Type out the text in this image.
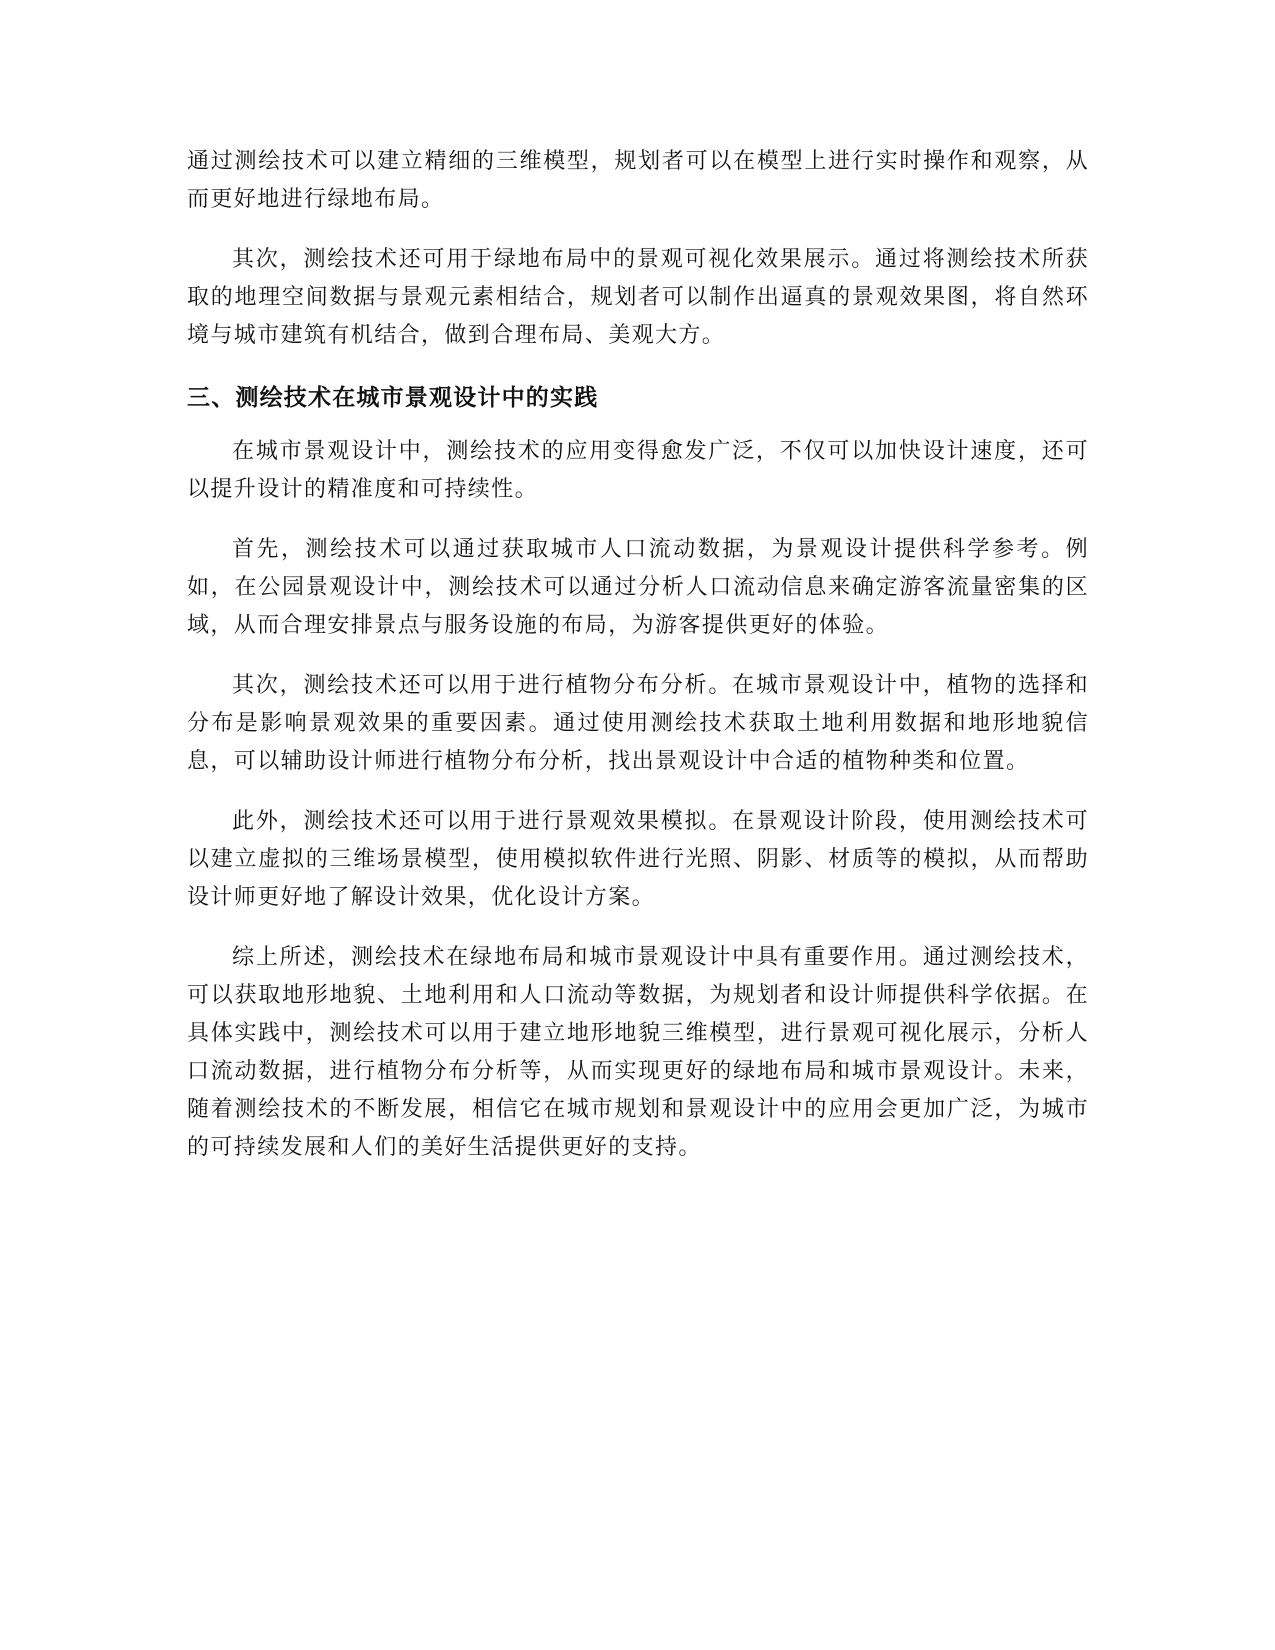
通过测绘技术可以建立精细的三维模型，规划者可以在模型上进行实时操作和观察，从而更好地进行绿地布局。

其次，测绘技术还可用于绿地布局中的景观可视化效果展示。通过将测绘技术所获取的地理空间数据与景观元素相结合，规划者可以制作出逼真的景观效果图，将自然环境与城市建筑有机结合，做到合理布局、美观大方。

三、测绘技术在城市景观设计中的实践

在城市景观设计中，测绘技术的应用变得愈发广泛，不仅可以加快设计速度，还可以提升设计的精准度和可持续性。

首先，测绘技术可以通过获取城市人口流动数据，为景观设计提供科学参考。例如，在公园景观设计中，测绘技术可以通过分析人口流动信息来确定游客流量密集的区域，从而合理安排景点与服务设施的布局，为游客提供更好的体验。

其次，测绘技术还可以用于进行植物分布分析。在城市景观设计中，植物的选择和分布是影响景观效果的重要因素。通过使用测绘技术获取土地利用数据和地形地貌信息，可以辅助设计师进行植物分布分析，找出景观设计中合适的植物种类和位置。

此外，测绘技术还可以用于进行景观效果模拟。在景观设计阶段，使用测绘技术可以建立虚拟的三维场景模型，使用模拟软件进行光照、阴影、材质等的模拟，从而帮助设计师更好地了解设计效果，优化设计方案。

综上所述，测绘技术在绿地布局和城市景观设计中具有重要作用。通过测绘技术，可以获取地形地貌、土地利用和人口流动等数据，为规划者和设计师提供科学依据。在具体实践中，测绘技术可以用于建立地形地貌三维模型，进行景观可视化展示，分析人口流动数据，进行植物分布分析等，从而实现更好的绿地布局和城市景观设计。未来，随着测绘技术的不断发展，相信它在城市规划和景观设计中的应用会更加广泛，为城市的可持续发展和人们的美好生活提供更好的支持。
